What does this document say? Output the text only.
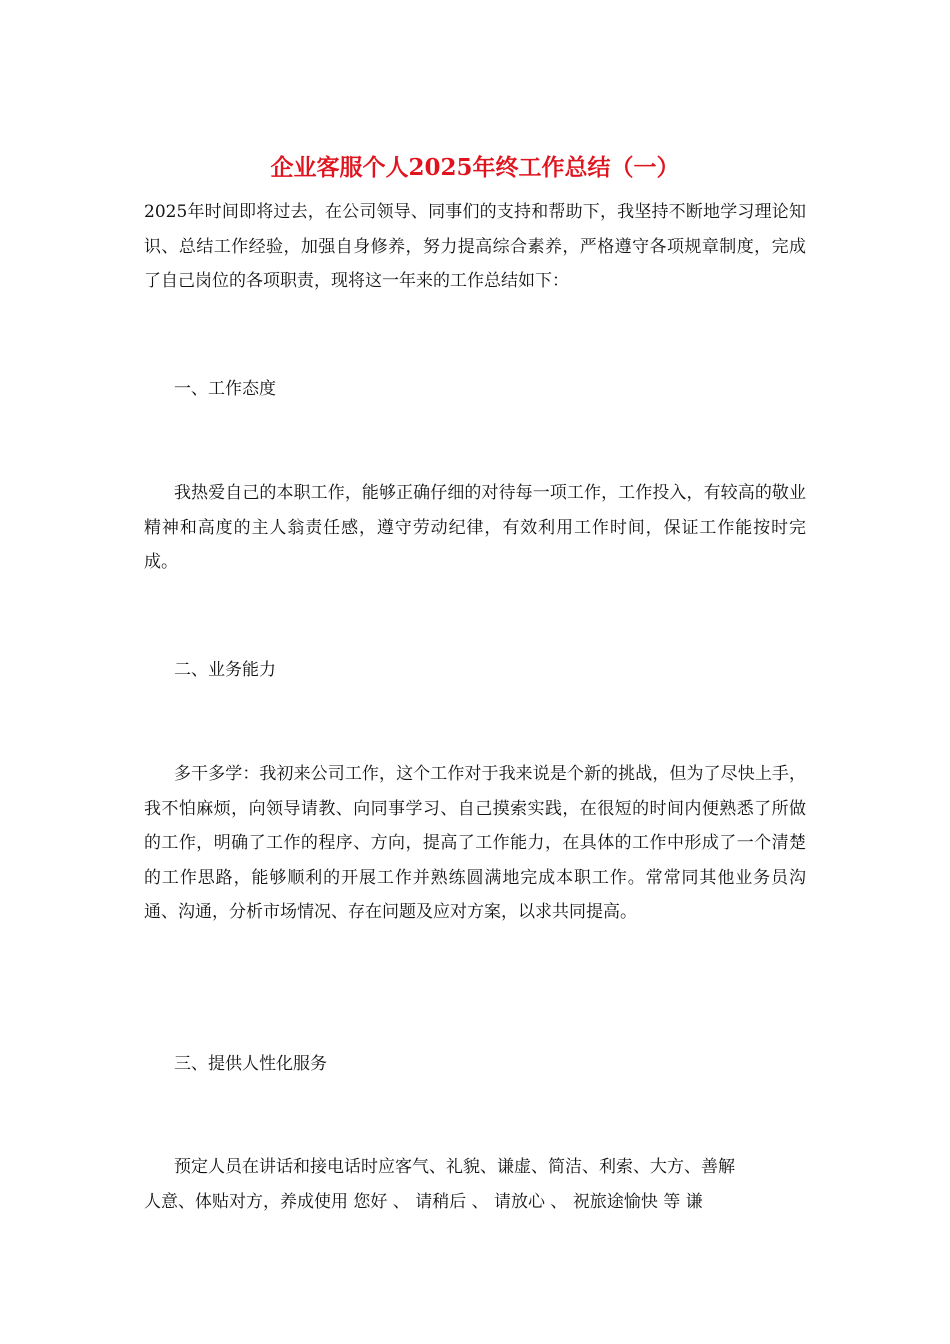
企业客服个人2025年终工作总结（一）

2025年时间即将过去，在公司领导、同事们的支持和帮助下，我坚持不断地学习理论知识、总结工作经验，加强自身修养，努力提高综合素养，严格遵守各项规章制度，完成了自己岗位的各项职责，现将这一年来的工作总结如下：

一、工作态度

我热爱自己的本职工作，能够正确仔细的对待每一项工作，工作投入，有较高的敬业精神和高度的主人翁责任感，遵守劳动纪律，有效利用工作时间，保证工作能按时完成。

二、业务能力

多干多学：我初来公司工作，这个工作对于我来说是个新的挑战，但为了尽快上手，我不怕麻烦，向领导请教、向同事学习、自己摸索实践，在很短的时间内便熟悉了所做的工作，明确了工作的程序、方向，提高了工作能力，在具体的工作中形成了一个清楚的工作思路，能够顺利的开展工作并熟练圆满地完成本职工作。常常同其他业务员沟通、沟通，分析市场情况、存在问题及应对方案，以求共同提高。

三、提供人性化服务

预定人员在讲话和接电话时应客气、礼貌、谦虚、简洁、利索、大方、善解

人意、体贴对方，养成使用 您好 、 请稍后 、 请放心 、 祝旅途愉快 等 谦
